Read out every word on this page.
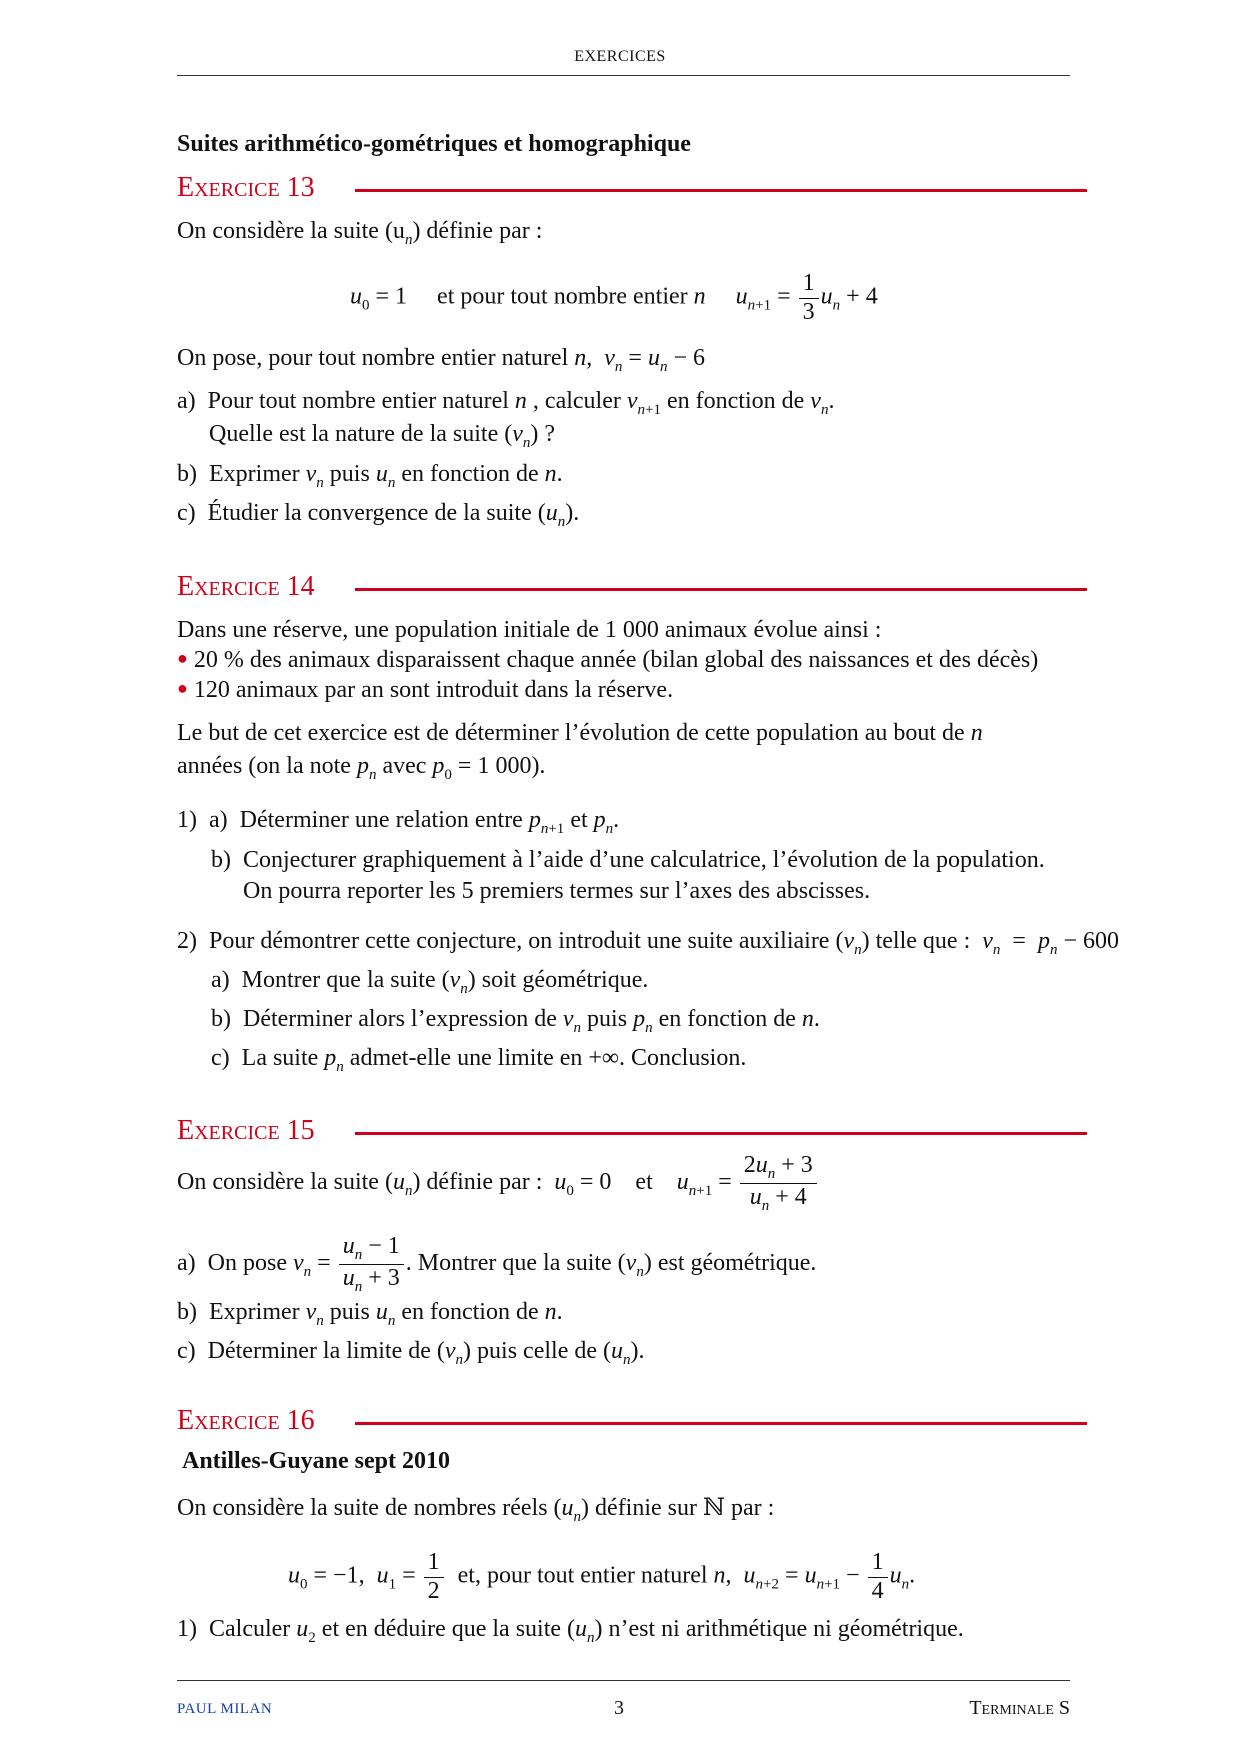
EXERCICES
Suites arithmético-gométriques et homographique
Exercice 13
On considère la suite $(u_n)$ définie par :
$u_0 = 1$     et pour tout nombre entier n $u_{n+1} = \frac{1}{3} u_n + 4$
On pose, pour tout nombre entier naturel n,  $v_n = u_n - 6$
a) Pour tout nombre entier naturel n , calculer $v_{n+1}$ en fonction de $v_n$.
Quelle est la nature de la suite $(v_n)$ ?
b) Exprimer $v_n$ puis $u_n$ en fonction de n.
c) Étudier la convergence de la suite $(u_n)$.
Exercice 14
Dans une réserve, une population initiale de 1 000 animaux évolue ainsi :
● 20 % des animaux disparaissent chaque année (bilan global des naissances et des décès)
● 120 animaux par an sont introduit dans la réserve.
Le but de cet exercice est de déterminer l’évolution de cette population au bout de n
années (on la note $p_n$ avec $p_0 = 1$ 000).
1)  a)  Déterminer une relation entre $p_{n+1}$ et $p_n$.
b)  Conjecturer graphiquement à l’aide d’une calculatrice, l’évolution de la population.
On pourra reporter les 5 premiers termes sur l’axes des abscisses.
2)  Pour démontrer cette conjecture, on introduit une suite auxiliaire $(v_n)$ telle que : $v_n = p_n - 600$
a)  Montrer que la suite $(v_n)$ soit géométrique.
b)  Déterminer alors l’expression de $v_n$ puis $p_n$ en fonction de n.
c)  La suite $p_n$ admet-elle une limite en +∞. Conclusion.
Exercice 15
On considère la suite $(u_n)$ définie par : $u_0 = 0$    et $u_{n+1} = \frac{2u_n + 3}{u_n + 4}$
a)  On pose $v_n = \frac{u_n - 1}{u_n + 3}$ . Montrer que la suite $(v_n)$ est géométrique.
b)  Exprimer $v_n$ puis $u_n$ en fonction de n.
c)  Déterminer la limite de $(v_n)$ puis celle de $(u_n)$.
Exercice 16
Antilles-Guyane sept 2010
On considère la suite de nombres réels $(u_n)$ définie sur ℕ par :
$u_0 = -1$,  $u_1 = \frac{1}{2}$ et, pour tout entier naturel n,  $u_{n+2} = u_{n+1} - \frac{1}{4} u_n$.
1)  Calculer $u_2$ et en déduire que la suite $(u_n)$ n’est ni arithmétique ni géométrique.
PAUL MILAN	3	Terminale S
